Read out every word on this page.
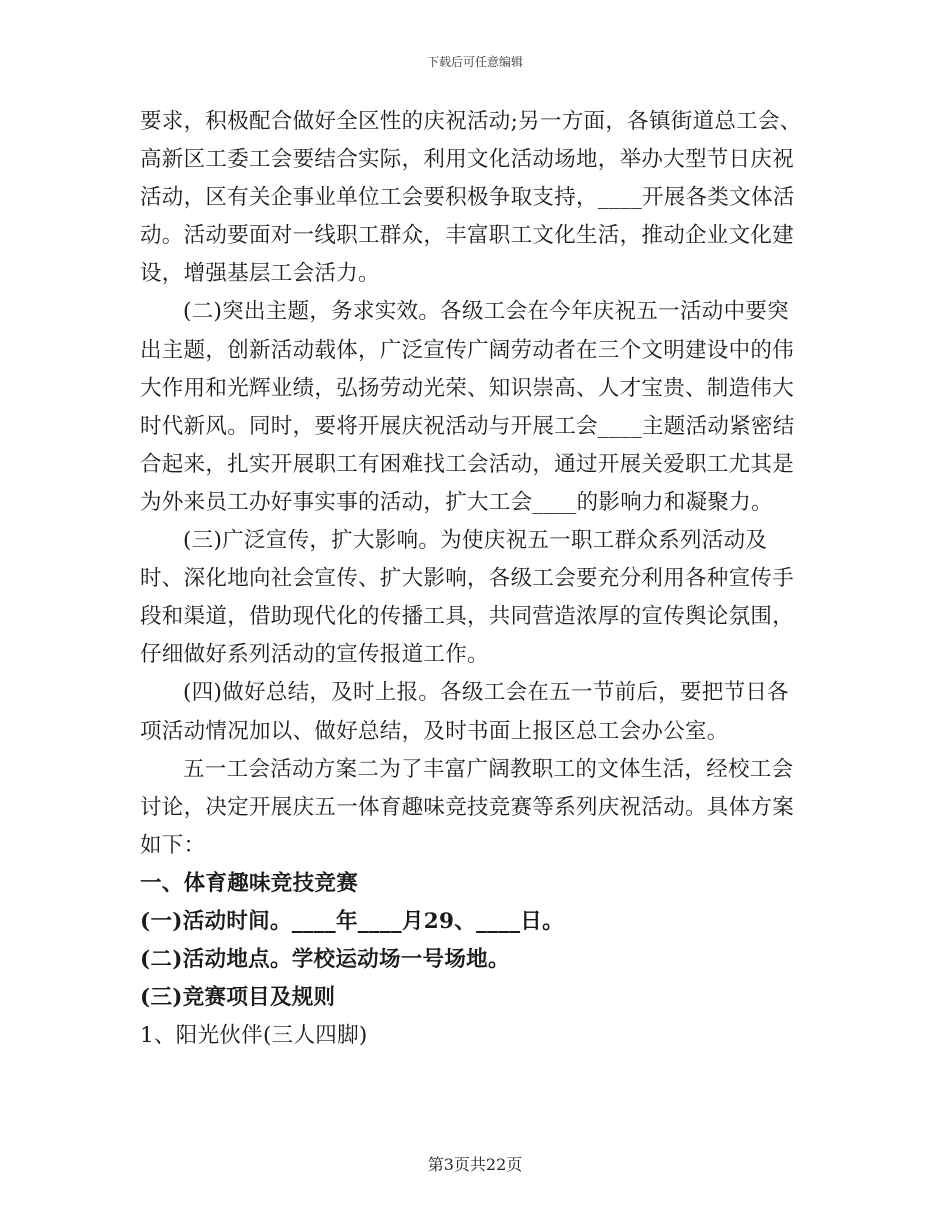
下载后可任意编辑

要求，积极配合做好全区性的庆祝活动;另一方面，各镇街道总工会、高新区工委工会要结合实际，利用文化活动场地，举办大型节日庆祝活动，区有关企事业单位工会要积极争取支持，____开展各类文体活动。活动要面对一线职工群众，丰富职工文化生活，推动企业文化建设，增强基层工会活力。

(二)突出主题，务求实效。各级工会在今年庆祝五一活动中要突出主题，创新活动载体，广泛宣传广阔劳动者在三个文明建设中的伟大作用和光辉业绩，弘扬劳动光荣、知识崇高、人才宝贵、制造伟大时代新风。同时，要将开展庆祝活动与开展工会____主题活动紧密结合起来，扎实开展职工有困难找工会活动，通过开展关爱职工尤其是为外来员工办好事实事的活动，扩大工会____的影响力和凝聚力。

(三)广泛宣传，扩大影响。为使庆祝五一职工群众系列活动及时、深化地向社会宣传、扩大影响，各级工会要充分利用各种宣传手段和渠道，借助现代化的传播工具，共同营造浓厚的宣传舆论氛围，仔细做好系列活动的宣传报道工作。

(四)做好总结，及时上报。各级工会在五一节前后，要把节日各项活动情况加以、做好总结，及时书面上报区总工会办公室。

五一工会活动方案二为了丰富广阔教职工的文体生活，经校工会讨论，决定开展庆五一体育趣味竞技竞赛等系列庆祝活动。具体方案如下：

一、体育趣味竞技竞赛

(一)活动时间。____年____月29、____日。

(二)活动地点。学校运动场一号场地。

(三)竞赛项目及规则

1、阳光伙伴(三人四脚)

第3页共22页
